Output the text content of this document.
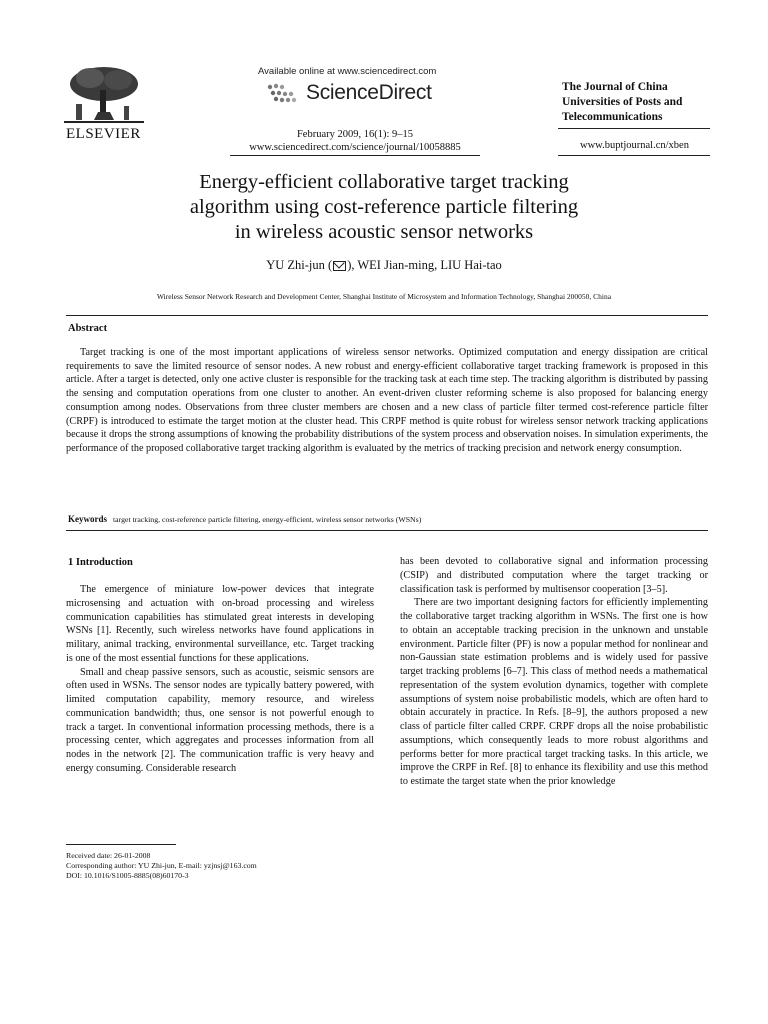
ELSEVIER
Available online at www.sciencedirect.com
ScienceDirect
February 2009, 16(1): 9–15
www.sciencedirect.com/science/journal/10058885
The Journal of China Universities of Posts and Telecommunications
www.buptjournal.cn/xben
Energy-efficient collaborative target tracking
algorithm using cost-reference particle filtering
in wireless acoustic sensor networks
YU Zhi-jun ( ), WEI Jian-ming, LIU Hai-tao
Wireless Sensor Network Research and Development Center, Shanghai Institute of Microsystem and Information Technology, Shanghai 200050, China
Abstract
Target tracking is one of the most important applications of wireless sensor networks. Optimized computation and energy dissipation are critical requirements to save the limited resource of sensor nodes. A new robust and energy-efficient collaborative target tracking framework is proposed in this article. After a target is detected, only one active cluster is responsible for the tracking task at each time step. The tracking algorithm is distributed by passing the sensing and computation operations from one cluster to another. An event-driven cluster reforming scheme is also proposed for balancing energy consumption among nodes. Observations from three cluster members are chosen and a new class of particle filter termed cost-reference particle filter (CRPF) is introduced to estimate the target motion at the cluster head. This CRPF method is quite robust for wireless sensor network tracking applications because it drops the strong assumptions of knowing the probability distributions of the system process and observation noises. In simulation experiments, the performance of the proposed collaborative target tracking algorithm is evaluated by the metrics of tracking precision and network energy consumption.
Keywords target tracking, cost-reference particle filtering, energy-efficient, wireless sensor networks (WSNs)
1 Introduction

The emergence of miniature low-power devices that integrate microsensing and actuation with on-broad processing and wireless communication capabilities has stimulated great interests in developing WSNs [1]. Recently, such wireless networks have found applications in military, animal tracking, environmental surveillance, etc. Target tracking is one of the most essential functions for these applications.

Small and cheap passive sensors, such as acoustic, seismic sensors are often used in WSNs. The sensor nodes are typically battery powered, with limited computation capability, memory resource, and wireless communication bandwidth; thus, one sensor is not powerful enough to track a target. In conventional information processing methods, there is a processing center, which aggregates and processes information from all nodes in the network [2]. The communication traffic is very heavy and energy consuming. Considerable research

has been devoted to collaborative signal and information processing (CSIP) and distributed computation where the target tracking or classification task is performed by multisensor cooperation [3–5].

There are two important designing factors for efficiently implementing the collaborative target tracking algorithm in WSNs. The first one is how to obtain an acceptable tracking precision in the unknown and unstable environment. Particle filter (PF) is now a popular method for nonlinear and non-Gaussian state estimation problems and is widely used for passive target tracking problems [6–7]. This class of method needs a mathematical representation of the system evolution dynamics, together with complete assumptions of system noise probabilistic models, which are often hard to obtain accurately in practice. In Refs. [8–9], the authors proposed a new class of particle filter called CRPF. CRPF drops all the noise probabilistic assumptions, which consequently leads to more robust algorithms and performs better for more practical target tracking tasks. In this article, we improve the CRPF in Ref. [8] to enhance its flexibility and use this method to estimate the target state when the prior knowledge

Received date: 26-01-2008
Corresponding author: YU Zhi-jun, E-mail: yzjnsj@163.com
DOI: 10.1016/S1005-8885(08)60170-3
